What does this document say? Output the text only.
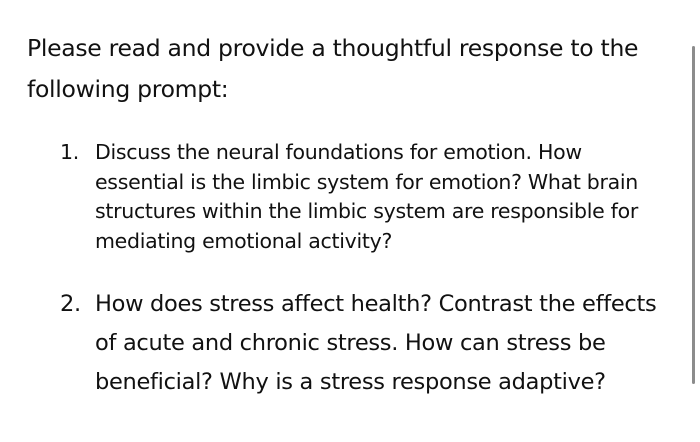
Please read and provide a thoughtful response to the following prompt:

1. Discuss the neural foundations for emotion. How essential is the limbic system for emotion? What brain structures within the limbic system are responsible for mediating emotional activity?
2. How does stress affect health? Contrast the effects of acute and chronic stress. How can stress be beneficial? Why is a stress response adaptive?
